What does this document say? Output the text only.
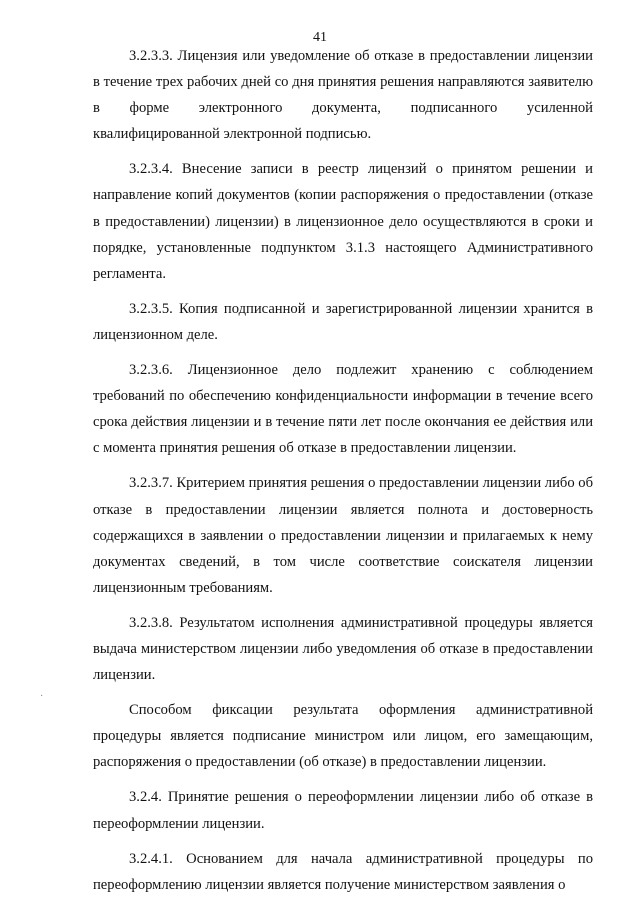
41

3.2.3.3. Лицензия или уведомление об отказе в предоставлении лицензии в течение трех рабочих дней со дня принятия решения направляются заявителю в форме электронного документа, подписанного усиленной квалифицированной электронной подписью.

3.2.3.4. Внесение записи в реестр лицензий о принятом решении и направление копий документов (копии распоряжения о предоставлении (отказе в предоставлении) лицензии) в лицензионное дело осуществляются в сроки и порядке, установленные подпунктом 3.1.3 настоящего Административного регламента.

3.2.3.5. Копия подписанной и зарегистрированной лицензии хранится в лицензионном деле.

3.2.3.6. Лицензионное дело подлежит хранению с соблюдением требований по обеспечению конфиденциальности информации в течение всего срока действия лицензии и в течение пяти лет после окончания ее действия или с момента принятия решения об отказе в предоставлении лицензии.

3.2.3.7. Критерием принятия решения о предоставлении лицензии либо об отказе в предоставлении лицензии является полнота и достоверность содержащихся в заявлении о предоставлении лицензии и прилагаемых к нему документах сведений, в том числе соответствие соискателя лицензии лицензионным требованиям.

3.2.3.8. Результатом исполнения административной процедуры является выдача министерством лицензии либо уведомления об отказе в предоставлении лицензии.

Способом фиксации результата оформления административной процедуры является подписание министром или лицом, его замещающим, распоряжения о предоставлении (об отказе) в предоставлении лицензии.

3.2.4. Принятие решения о переоформлении лицензии либо об отказе в переоформлении лицензии.

3.2.4.1. Основанием для начала административной процедуры по переоформлению лицензии является получение министерством заявления о

·
